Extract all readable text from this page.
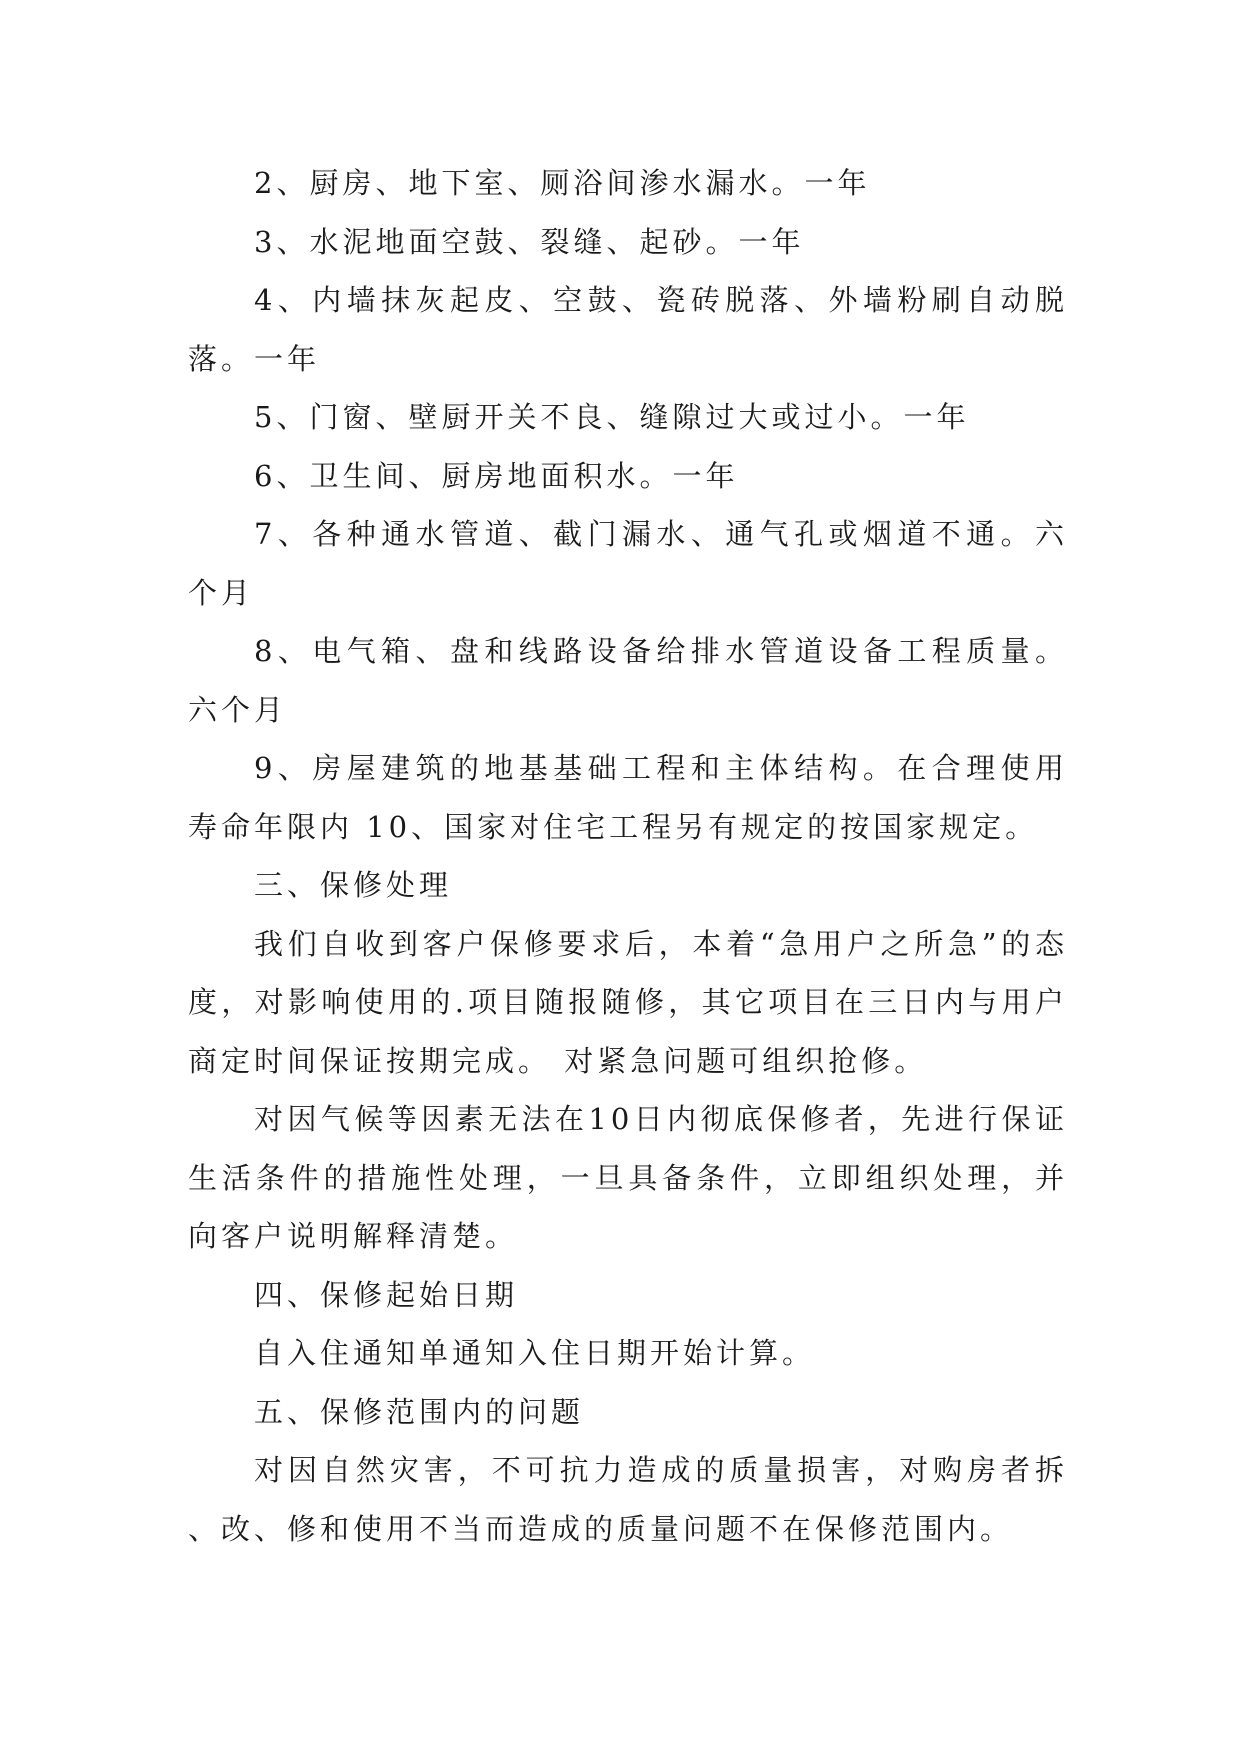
2、厨房、地下室、厕浴间渗水漏水。一年

3、水泥地面空鼓、裂缝、起砂。一年

4、内墙抹灰起皮、空鼓、瓷砖脱落、外墙粉刷自动脱落。一年

5、门窗、壁厨开关不良、缝隙过大或过小。一年

6、卫生间、厨房地面积水。一年

7、各种通水管道、截门漏水、通气孔或烟道不通。六个月

8、电气箱、盘和线路设备给排水管道设备工程质量。六个月

9、房屋建筑的地基基础工程和主体结构。在合理使用寿命年限内 10、国家对住宅工程另有规定的按国家规定。

三、保修处理

我们自收到客户保修要求后，本着“急用户之所急”的态度，对影响使用的.项目随报随修，其它项目在三日内与用户商定时间保证按期完成。 对紧急问题可组织抢修。

对因气候等因素无法在10日内彻底保修者，先进行保证生活条件的措施性处理，一旦具备条件，立即组织处理，并向客户说明解释清楚。

四、保修起始日期

自入住通知单通知入住日期开始计算。

五、保修范围内的问题

对因自然灾害，不可抗力造成的质量损害，对购房者拆、改、修和使用不当而造成的质量问题不在保修范围内。
